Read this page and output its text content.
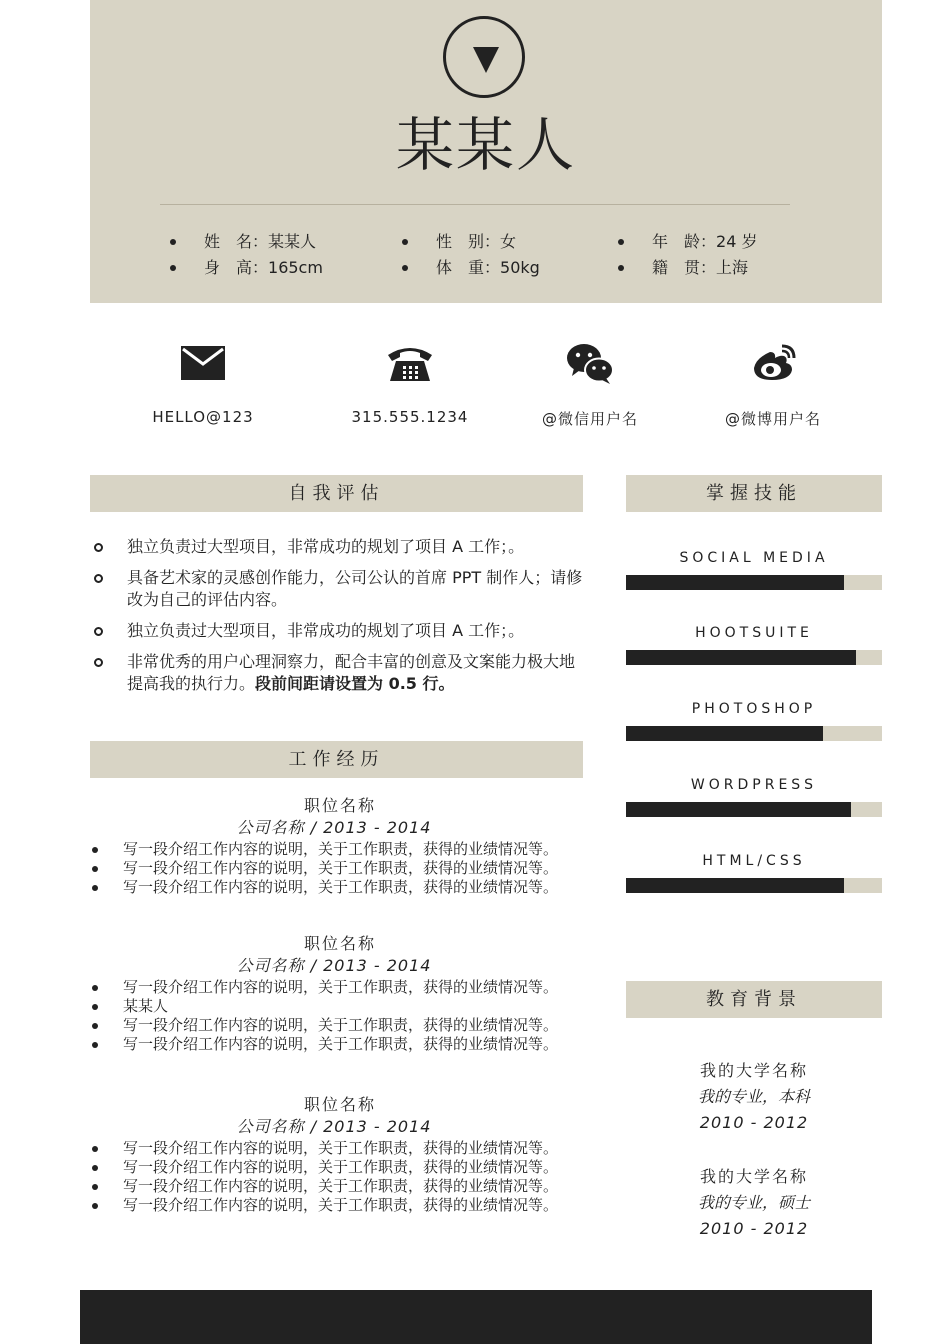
某某人
姓　名： 某某人	性　别： 女	年　龄： 24 岁
身　高： 165cm	体　重： 50kg	籍　贯： 上海
HELLO@123	315.555.1234	@微信用户名	@微博用户名
自我评估
独立负责过大型项目，非常成功的规划了项目 A 工作；。
具备艺术家的灵感创作能力，公司公认的首席 PPT 制作人；请修改为自己的评估内容。
独立负责过大型项目，非常成功的规划了项目 A 工作；。
非常优秀的用户心理洞察力，配合丰富的创意及文案能力极大地提高我的执行力。段前间距请设置为 0.5 行。
工作经历
职位名称
公司名称 / 2013 - 2014
写一段介绍工作内容的说明，关于工作职责，获得的业绩情况等。
写一段介绍工作内容的说明，关于工作职责，获得的业绩情况等。
写一段介绍工作内容的说明，关于工作职责，获得的业绩情况等。
职位名称
公司名称 / 2013 - 2014
写一段介绍工作内容的说明，关于工作职责，获得的业绩情况等。
某某人
写一段介绍工作内容的说明，关于工作职责，获得的业绩情况等。
写一段介绍工作内容的说明，关于工作职责，获得的业绩情况等。
职位名称
公司名称 / 2013 - 2014
写一段介绍工作内容的说明，关于工作职责，获得的业绩情况等。
写一段介绍工作内容的说明，关于工作职责，获得的业绩情况等。
写一段介绍工作内容的说明，关于工作职责，获得的业绩情况等。
写一段介绍工作内容的说明，关于工作职责，获得的业绩情况等。
掌握技能
SOCIAL MEDIA
HOOTSUITE
PHOTOSHOP
WORDPRESS
HTML/CSS
教育背景
我的大学名称
我的专业，本科
2010 - 2012
我的大学名称
我的专业，硕士
2010 - 2012
